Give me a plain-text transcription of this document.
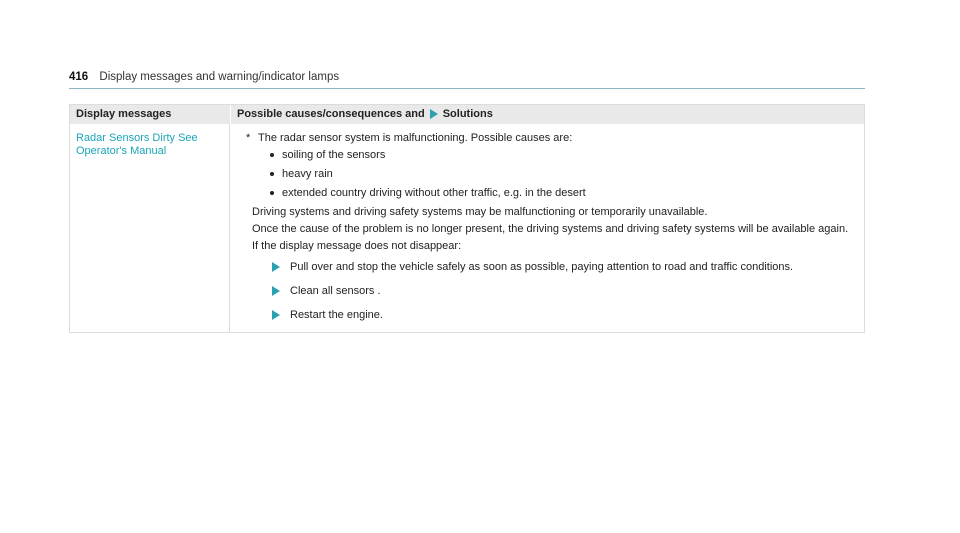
416 Display messages and warning/indicator lamps
Display messages	Possible causes/consequences and Solutions
Radar Sensors Dirty See Operator's Manual
* The radar sensor system is malfunctioning. Possible causes are:
soiling of the sensors
heavy rain
extended country driving without other traffic, e.g. in the desert
Driving systems and driving safety systems may be malfunctioning or temporarily unavailable.
Once the cause of the problem is no longer present, the driving systems and driving safety systems will be available again.
If the display message does not disappear:
Pull over and stop the vehicle safely as soon as possible, paying attention to road and traffic conditions.
Clean all sensors .
Restart the engine.
